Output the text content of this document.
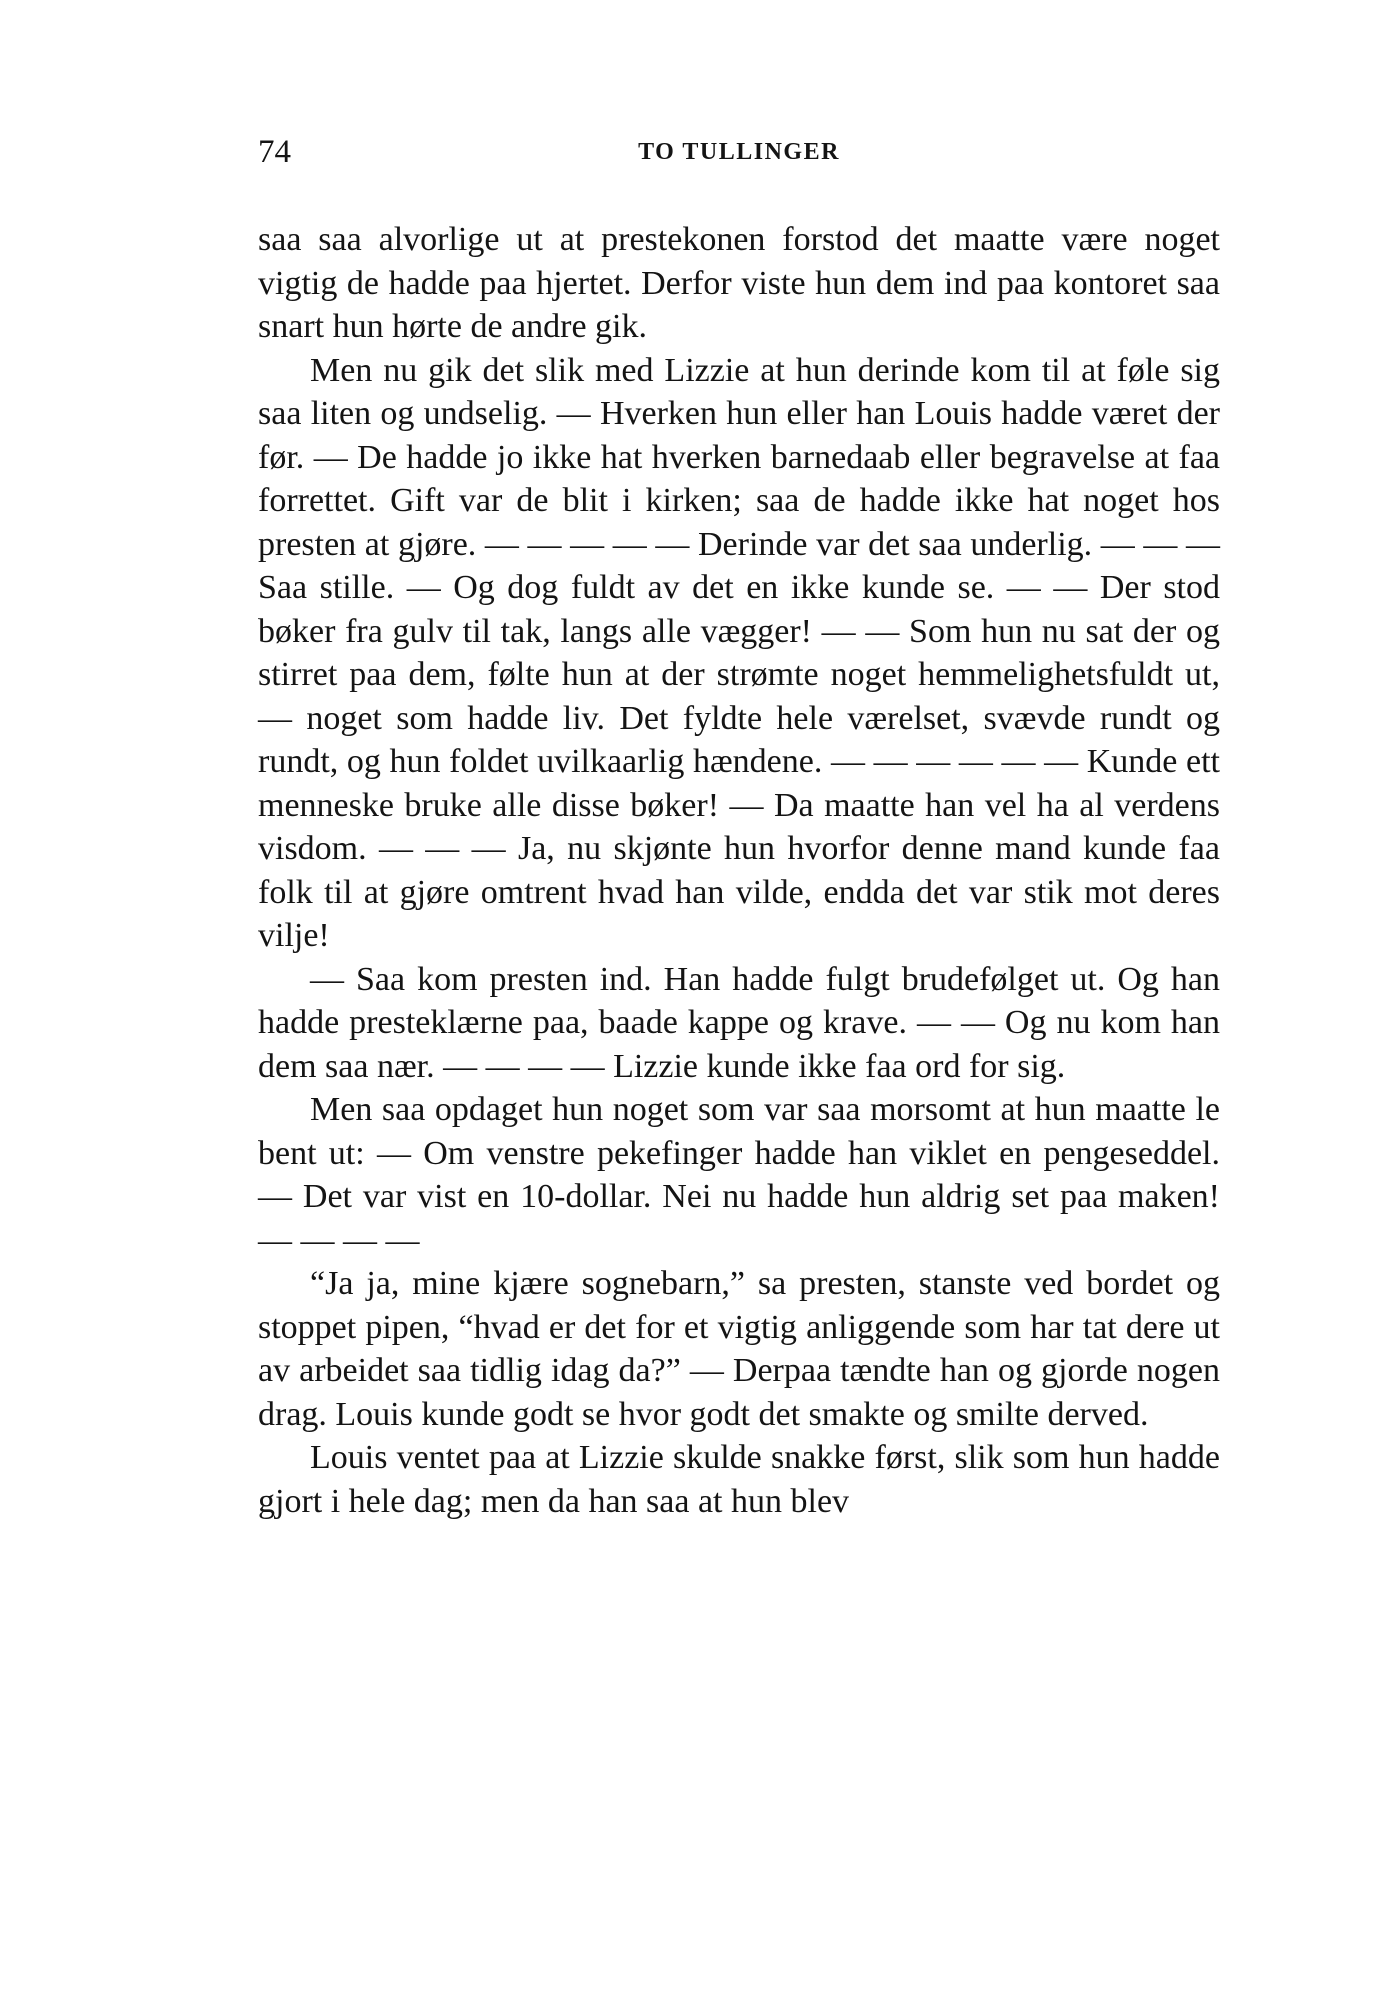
74	TO TULLINGER

saa saa alvorlige ut at prestekonen forstod det maatte være noget vigtig de hadde paa hjertet. Derfor viste hun dem ind paa kontoret saa snart hun hørte de andre gik.

Men nu gik det slik med Lizzie at hun derinde kom til at føle sig saa liten og undselig. — Hverken hun eller han Louis hadde været der før. — De hadde jo ikke hat hverken barnedaab eller begravelse at faa forrettet. Gift var de blit i kirken; saa de hadde ikke hat noget hos presten at gjøre. — — — — — Derinde var det saa underlig. — — — Saa stille. — Og dog fuldt av det en ikke kunde se. — — Der stod bøker fra gulv til tak, langs alle vægger! — — Som hun nu sat der og stirret paa dem, følte hun at der strømte noget hemmelighetsfuldt ut, — noget som hadde liv. Det fyldte hele værelset, svævde rundt og rundt, og hun foldet uvilkaarlig hændene. — — — — — — Kunde ett menneske bruke alle disse bøker! — Da maatte han vel ha al verdens visdom. — — — Ja, nu skjønte hun hvorfor denne mand kunde faa folk til at gjøre omtrent hvad han vilde, endda det var stik mot deres vilje!

— Saa kom presten ind. Han hadde fulgt brudefølget ut. Og han hadde presteklærne paa, baade kappe og krave. — — Og nu kom han dem saa nær. — — — — Lizzie kunde ikke faa ord for sig.

Men saa opdaget hun noget som var saa morsomt at hun maatte le bent ut: — Om venstre pekefinger hadde han viklet en pengeseddel. — Det var vist en 10-dollar. Nei nu hadde hun aldrig set paa maken! — — — —

“Ja ja, mine kjære sognebarn,” sa presten, stanste ved bordet og stoppet pipen, “hvad er det for et vigtig anliggende som har tat dere ut av arbeidet saa tidlig idag da?” — Derpaa tændte han og gjorde nogen drag. Louis kunde godt se hvor godt det smakte og smilte derved.

Louis ventet paa at Lizzie skulde snakke først, slik som hun hadde gjort i hele dag; men da han saa at hun blev
